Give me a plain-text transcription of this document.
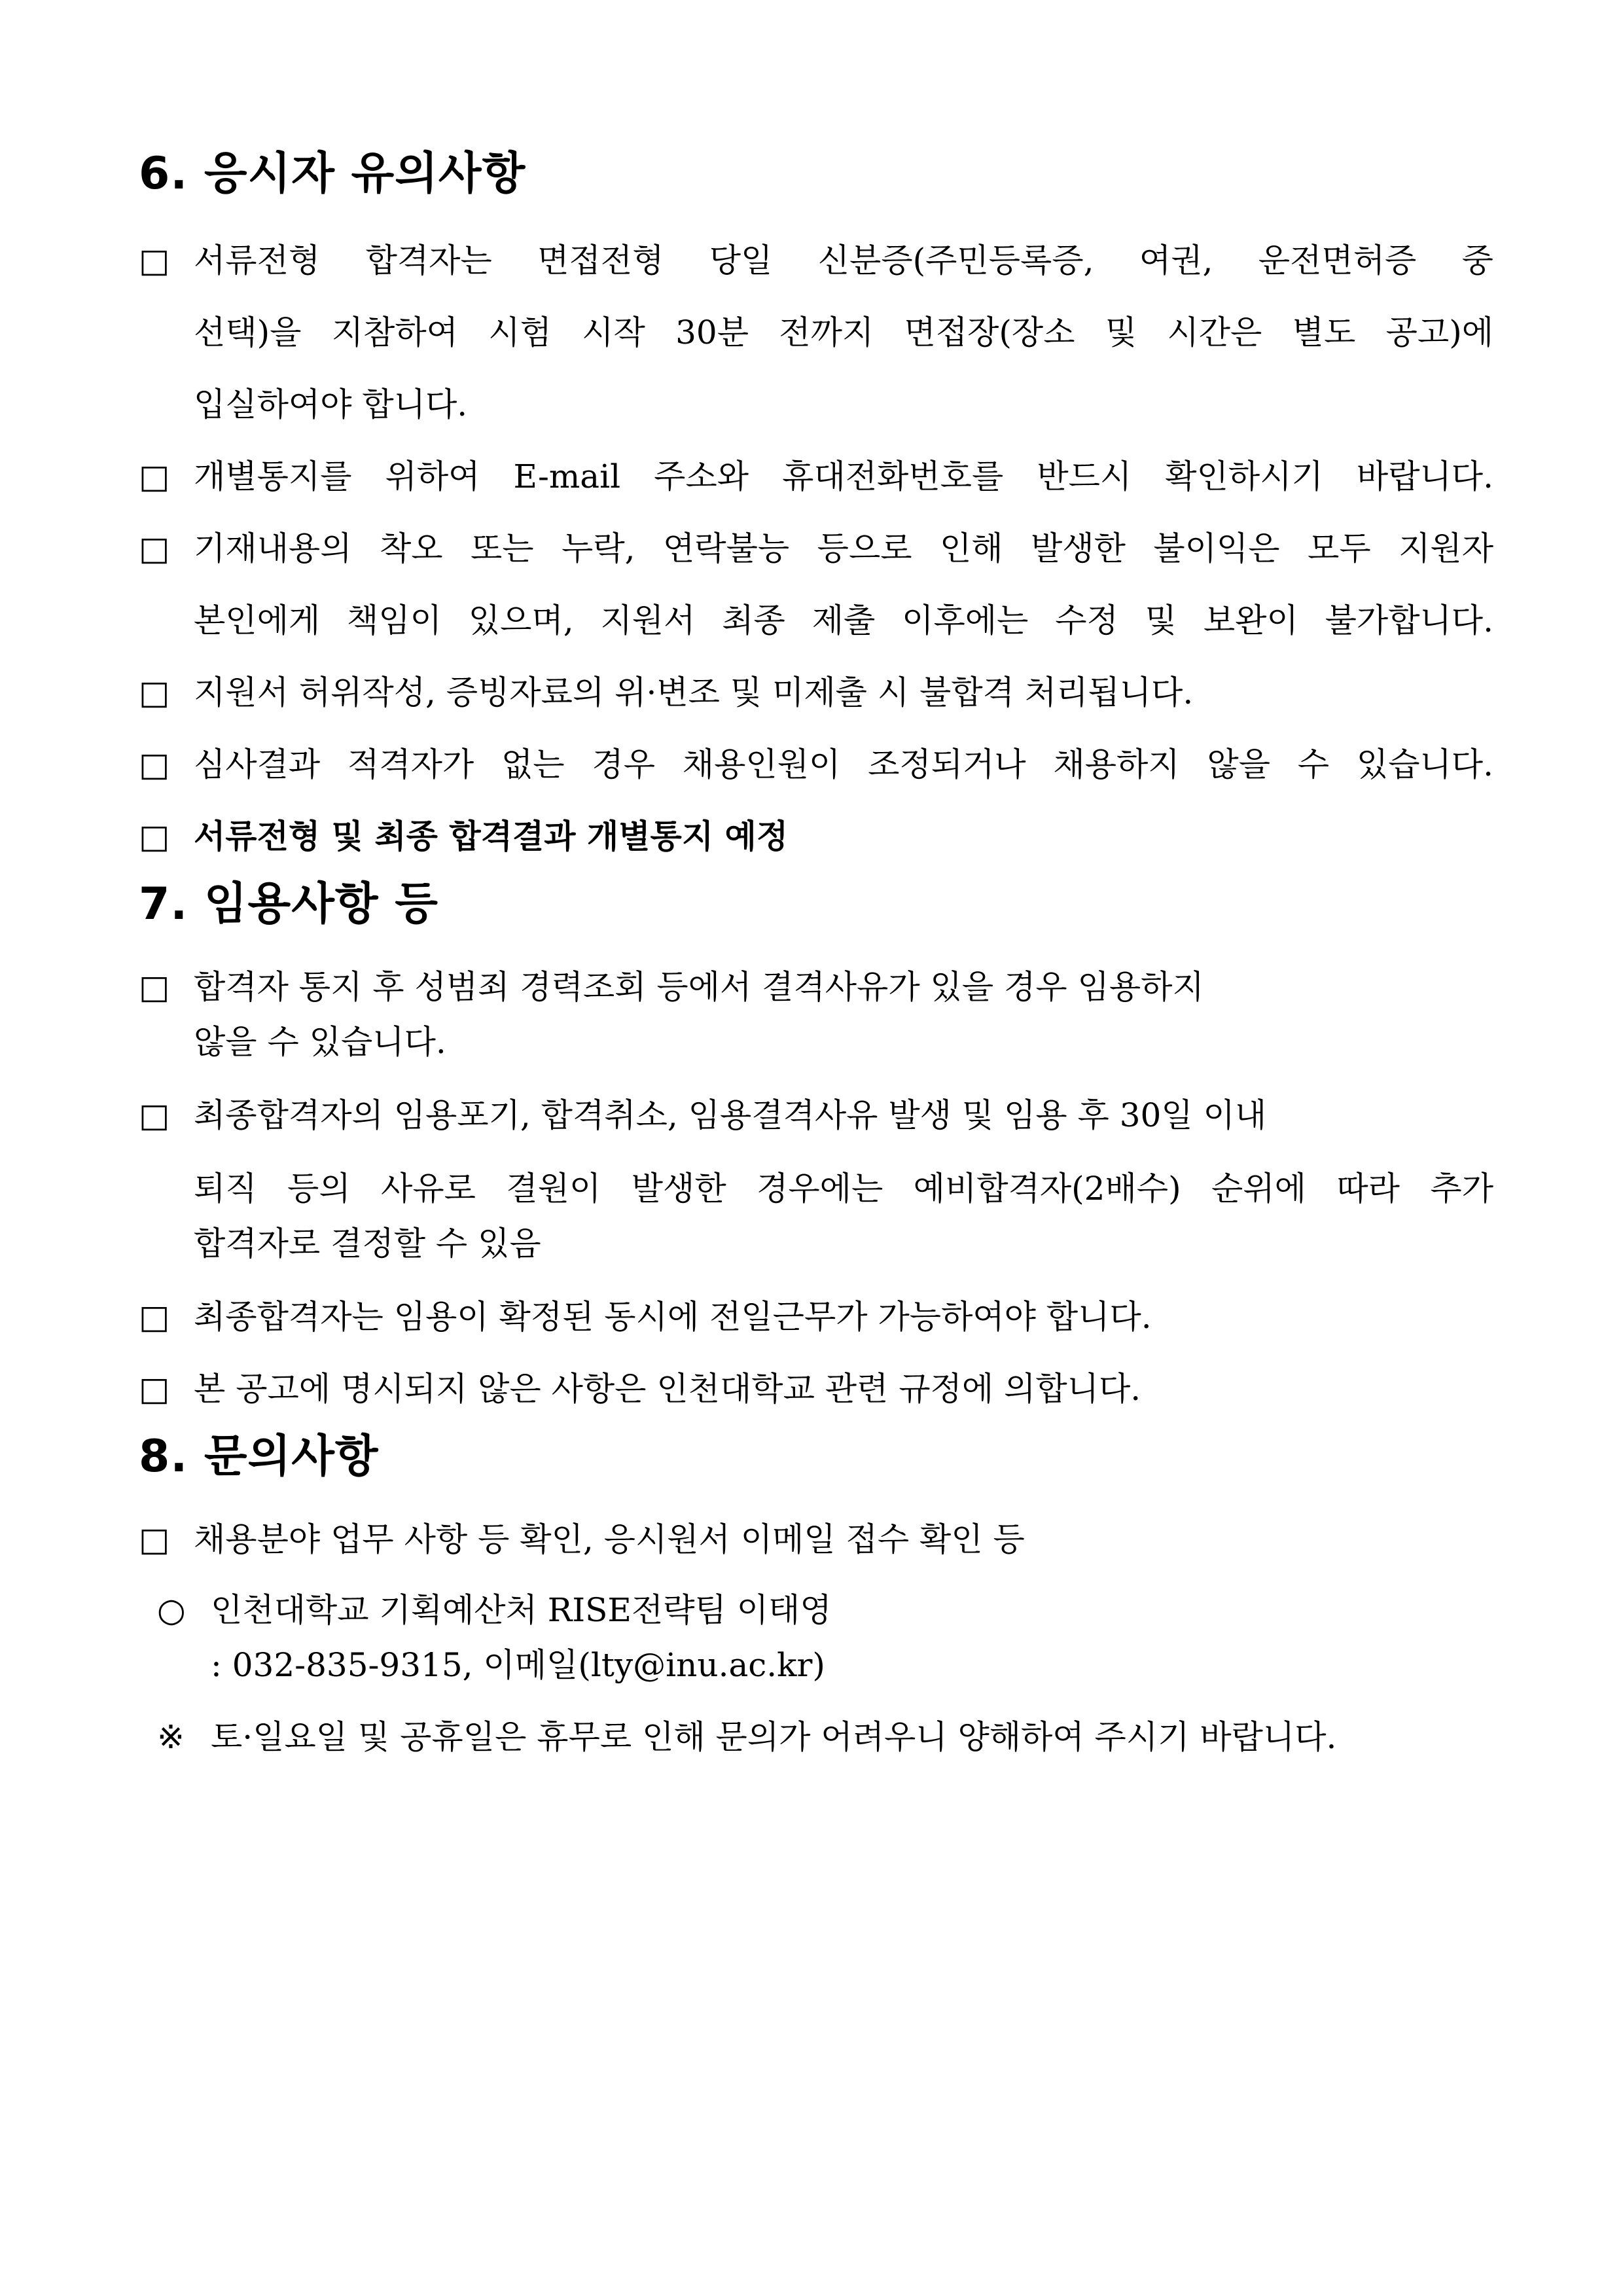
6. 응시자 유의사항
□ 서류전형 합격자는 면접전형 당일 신분증(주민등록증, 여권, 운전면허증 중
선택)을 지참하여 시험 시작 30분 전까지 면접장(장소 및 시간은 별도 공고)에
입실하여야 합니다.
□ 개별통지를 위하여 E-mail 주소와 휴대전화번호를 반드시 확인하시기 바랍니다.
□ 기재내용의 착오 또는 누락, 연락불능 등으로 인해 발생한 불이익은 모두 지원자
본인에게 책임이 있으며, 지원서 최종 제출 이후에는 수정 및 보완이 불가합니다.
□ 지원서 허위작성, 증빙자료의 위·변조 및 미제출 시 불합격 처리됩니다.
□ 심사결과 적격자가 없는 경우 채용인원이 조정되거나 채용하지 않을 수 있습니다.
□ 서류전형 및 최종 합격결과 개별통지 예정
7. 임용사항 등
□ 합격자 통지 후 성범죄 경력조회 등에서 결격사유가 있을 경우 임용하지
않을 수 있습니다.
□ 최종합격자의 임용포기, 합격취소, 임용결격사유 발생 및 임용 후 30일 이내
퇴직 등의 사유로 결원이 발생한 경우에는 예비합격자(2배수) 순위에 따라 추가
합격자로 결정할 수 있음
□ 최종합격자는 임용이 확정된 동시에 전일근무가 가능하여야 합니다.
□ 본 공고에 명시되지 않은 사항은 인천대학교 관련 규정에 의합니다.
8. 문의사항
□ 채용분야 업무 사항 등 확인, 응시원서 이메일 접수 확인 등
○ 인천대학교 기획예산처 RISE전략팀 이태영
: 032-835-9315, 이메일(lty@inu.ac.kr)
※ 토·일요일 및 공휴일은 휴무로 인해 문의가 어려우니 양해하여 주시기 바랍니다.
